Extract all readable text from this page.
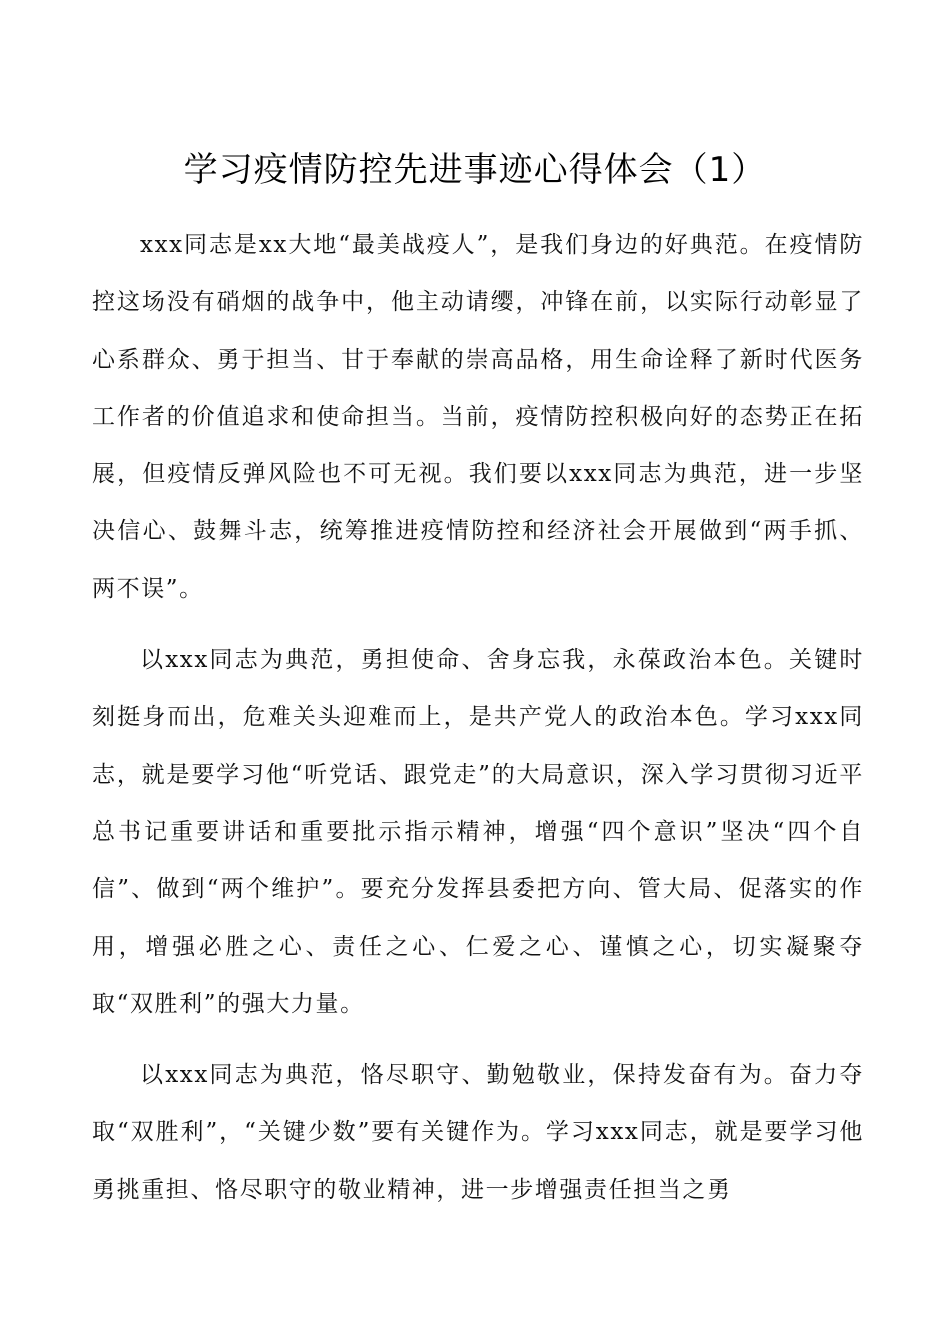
学习疫情防控先进事迹心得体会（1）

xxx同志是xx大地“最美战疫人”，是我们身边的好典范。在疫情防控这场没有硝烟的战争中，他主动请缨，冲锋在前，以实际行动彰显了心系群众、勇于担当、甘于奉献的崇高品格，用生命诠释了新时代医务工作者的价值追求和使命担当。当前，疫情防控积极向好的态势正在拓展，但疫情反弹风险也不可无视。我们要以xxx同志为典范，进一步坚决信心、鼓舞斗志，统筹推进疫情防控和经济社会开展做到“两手抓、两不误”。

以xxx同志为典范，勇担使命、舍身忘我，永葆政治本色。关键时刻挺身而出，危难关头迎难而上，是共产党人的政治本色。学习xxx同志，就是要学习他“听党话、跟党走”的大局意识，深入学习贯彻习近平总书记重要讲话和重要批示指示精神，增强“四个意识”坚决“四个自信”、做到“两个维护”。要充分发挥县委把方向、管大局、促落实的作用，增强必胜之心、责任之心、仁爱之心、谨慎之心，切实凝聚夺取“双胜利”的强大力量。

以xxx同志为典范，恪尽职守、勤勉敬业，保持发奋有为。奋力夺取“双胜利”，“关键少数”要有关键作为。学习xxx同志，就是要学习他勇挑重担、恪尽职守的敬业精神，进一步增强责任担当之勇
